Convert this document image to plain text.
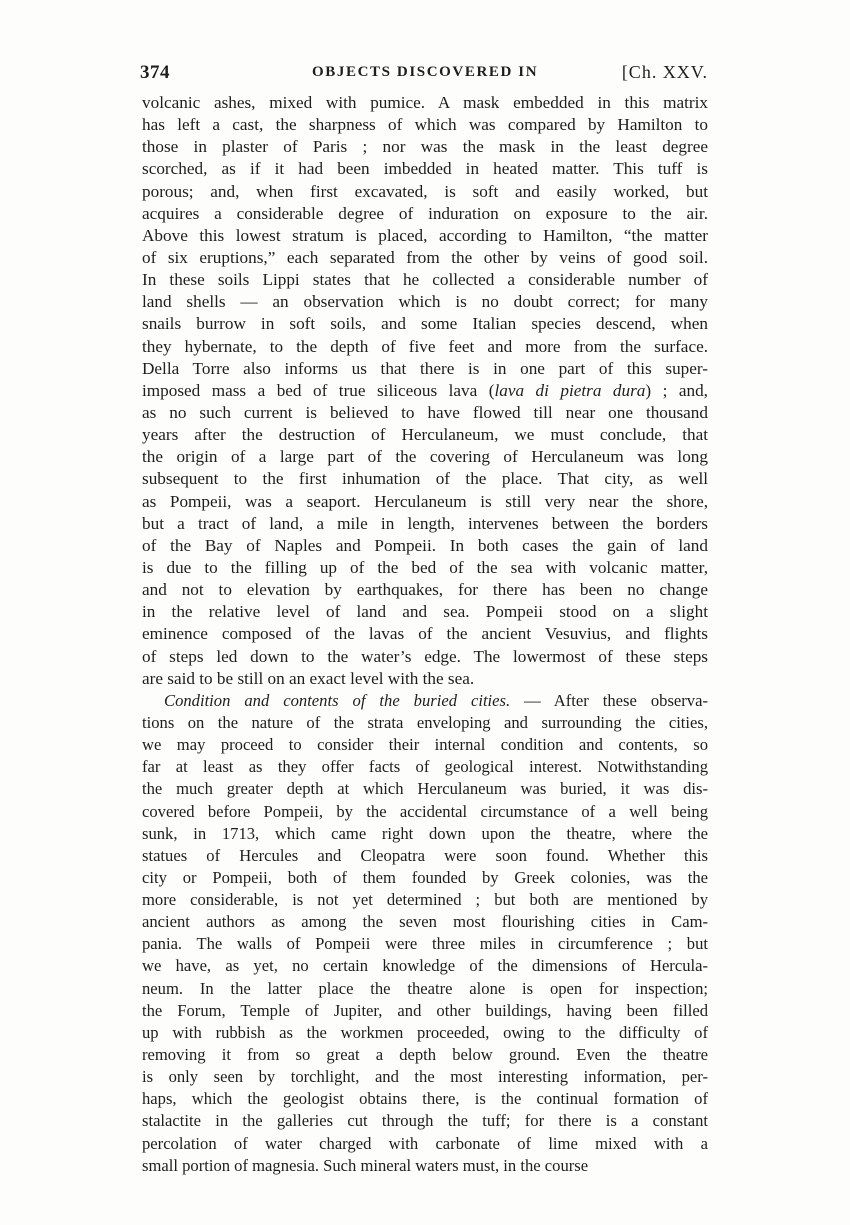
374	OBJECTS DISCOVERED IN	[Ch. XXV.
volcanic ashes, mixed with pumice. A mask embedded in this matrix
has left a cast, the sharpness of which was compared by Hamilton to
those in plaster of Paris ; nor was the mask in the least degree
scorched, as if it had been imbedded in heated matter. This tuff is
porous; and, when first excavated, is soft and easily worked, but
acquires a considerable degree of induration on exposure to the air.
Above this lowest stratum is placed, according to Hamilton, “the matter
of six eruptions,” each separated from the other by veins of good soil.
In these soils Lippi states that he collected a considerable number of
land shells — an observation which is no doubt correct; for many
snails burrow in soft soils, and some Italian species descend, when
they hybernate, to the depth of five feet and more from the surface.
Della Torre also informs us that there is in one part of this super-
imposed mass a bed of true siliceous lava (lava di pietra dura) ; and,
as no such current is believed to have flowed till near one thousand
years after the destruction of Herculaneum, we must conclude, that
the origin of a large part of the covering of Herculaneum was long
subsequent to the first inhumation of the place. That city, as well
as Pompeii, was a seaport. Herculaneum is still very near the shore,
but a tract of land, a mile in length, intervenes between the borders
of the Bay of Naples and Pompeii. In both cases the gain of land
is due to the filling up of the bed of the sea with volcanic matter,
and not to elevation by earthquakes, for there has been no change
in the relative level of land and sea. Pompeii stood on a slight
eminence composed of the lavas of the ancient Vesuvius, and flights
of steps led down to the water’s edge. The lowermost of these steps
are said to be still on an exact level with the sea.
Condition and contents of the buried cities. — After these observa-
tions on the nature of the strata enveloping and surrounding the cities,
we may proceed to consider their internal condition and contents, so
far at least as they offer facts of geological interest. Notwithstanding
the much greater depth at which Herculaneum was buried, it was dis-
covered before Pompeii, by the accidental circumstance of a well being
sunk, in 1713, which came right down upon the theatre, where the
statues of Hercules and Cleopatra were soon found. Whether this
city or Pompeii, both of them founded by Greek colonies, was the
more considerable, is not yet determined ; but both are mentioned by
ancient authors as among the seven most flourishing cities in Cam-
pania. The walls of Pompeii were three miles in circumference ; but
we have, as yet, no certain knowledge of the dimensions of Hercula-
neum. In the latter place the theatre alone is open for inspection;
the Forum, Temple of Jupiter, and other buildings, having been filled
up with rubbish as the workmen proceeded, owing to the difficulty of
removing it from so great a depth below ground. Even the theatre
is only seen by torchlight, and the most interesting information, per-
haps, which the geologist obtains there, is the continual formation of
stalactite in the galleries cut through the tuff; for there is a constant
percolation of water charged with carbonate of lime mixed with a
small portion of magnesia. Such mineral waters must, in the course
